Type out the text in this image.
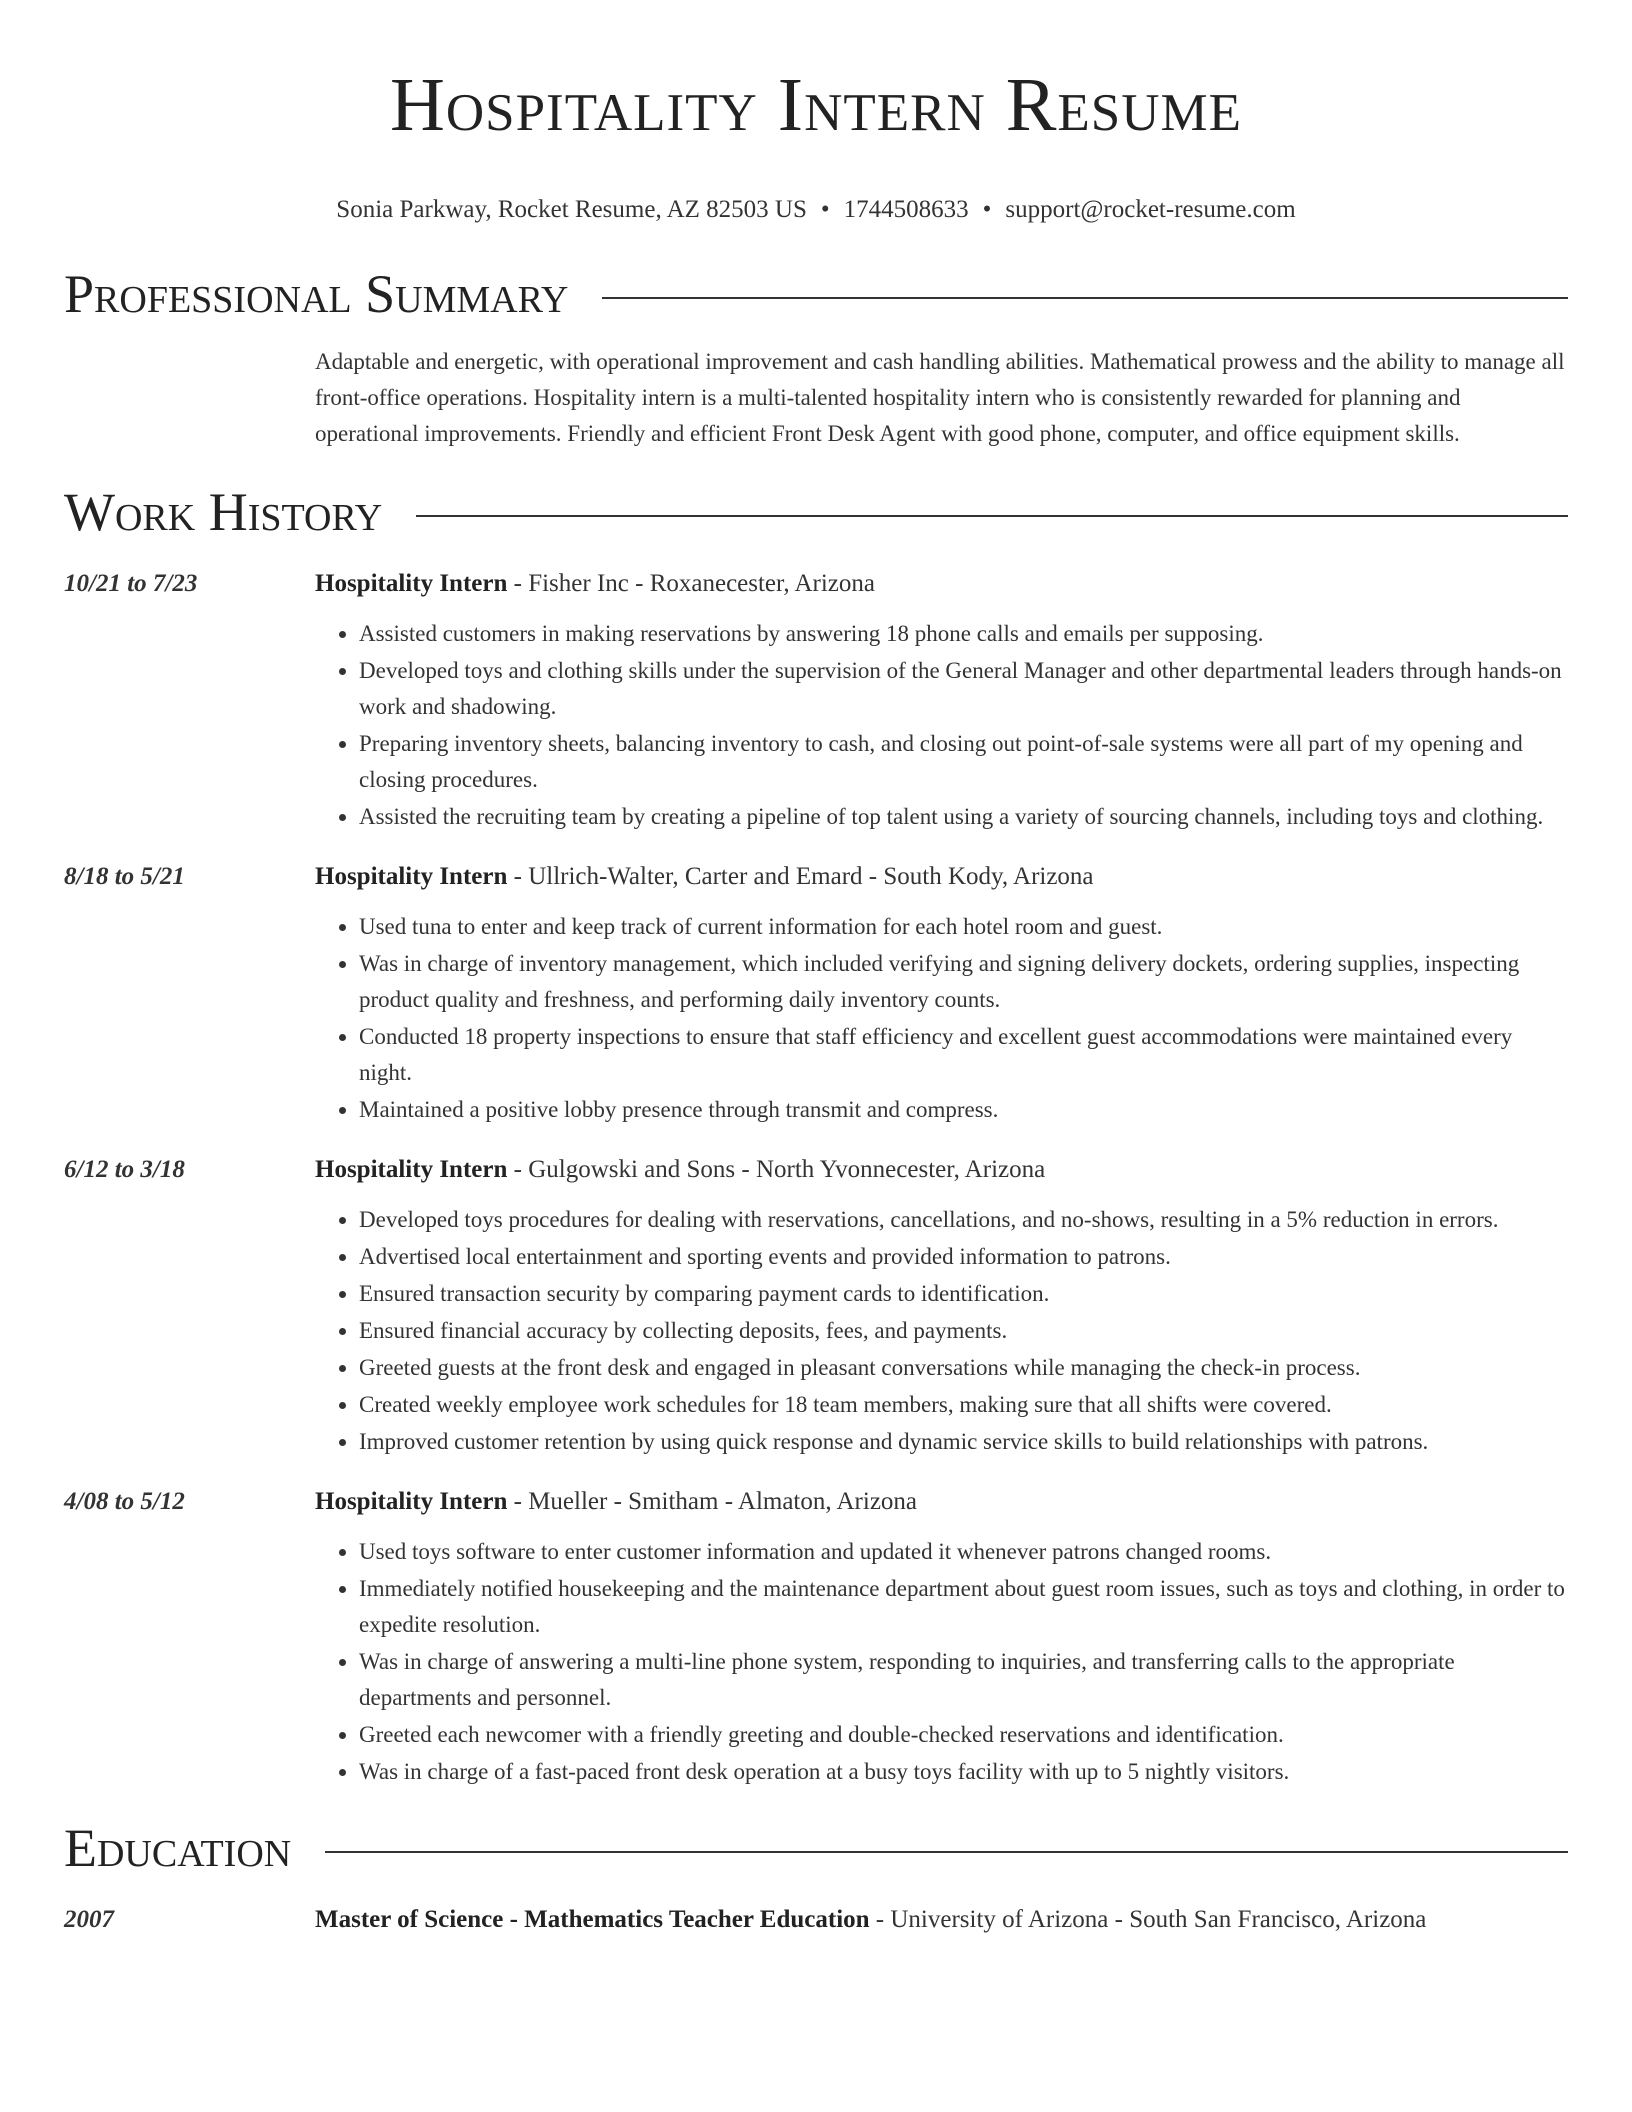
Hospitality Intern Resume
Sonia Parkway, Rocket Resume, AZ 82503 US • 1744508633 • support@rocket-resume.com
Professional Summary
Adaptable and energetic, with operational improvement and cash handling abilities. Mathematical prowess and the ability to manage all front-office operations. Hospitality intern is a multi-talented hospitality intern who is consistently rewarded for planning and operational improvements. Friendly and efficient Front Desk Agent with good phone, computer, and office equipment skills.
Work History
10/21 to 7/23	Hospitality Intern - Fisher Inc - Roxanecester, Arizona
• Assisted customers in making reservations by answering 18 phone calls and emails per supposing.
• Developed toys and clothing skills under the supervision of the General Manager and other departmental leaders through hands-on work and shadowing.
• Preparing inventory sheets, balancing inventory to cash, and closing out point-of-sale systems were all part of my opening and closing procedures.
• Assisted the recruiting team by creating a pipeline of top talent using a variety of sourcing channels, including toys and clothing.
8/18 to 5/21	Hospitality Intern - Ullrich-Walter, Carter and Emard - South Kody, Arizona
• Used tuna to enter and keep track of current information for each hotel room and guest.
• Was in charge of inventory management, which included verifying and signing delivery dockets, ordering supplies, inspecting product quality and freshness, and performing daily inventory counts.
• Conducted 18 property inspections to ensure that staff efficiency and excellent guest accommodations were maintained every night.
• Maintained a positive lobby presence through transmit and compress.
6/12 to 3/18	Hospitality Intern - Gulgowski and Sons - North Yvonnecester, Arizona
• Developed toys procedures for dealing with reservations, cancellations, and no-shows, resulting in a 5% reduction in errors.
• Advertised local entertainment and sporting events and provided information to patrons.
• Ensured transaction security by comparing payment cards to identification.
• Ensured financial accuracy by collecting deposits, fees, and payments.
• Greeted guests at the front desk and engaged in pleasant conversations while managing the check-in process.
• Created weekly employee work schedules for 18 team members, making sure that all shifts were covered.
• Improved customer retention by using quick response and dynamic service skills to build relationships with patrons.
4/08 to 5/12	Hospitality Intern - Mueller - Smitham - Almaton, Arizona
• Used toys software to enter customer information and updated it whenever patrons changed rooms.
• Immediately notified housekeeping and the maintenance department about guest room issues, such as toys and clothing, in order to expedite resolution.
• Was in charge of answering a multi-line phone system, responding to inquiries, and transferring calls to the appropriate departments and personnel.
• Greeted each newcomer with a friendly greeting and double-checked reservations and identification.
• Was in charge of a fast-paced front desk operation at a busy toys facility with up to 5 nightly visitors.
Education
2007	Master of Science - Mathematics Teacher Education - University of Arizona - South San Francisco, Arizona
